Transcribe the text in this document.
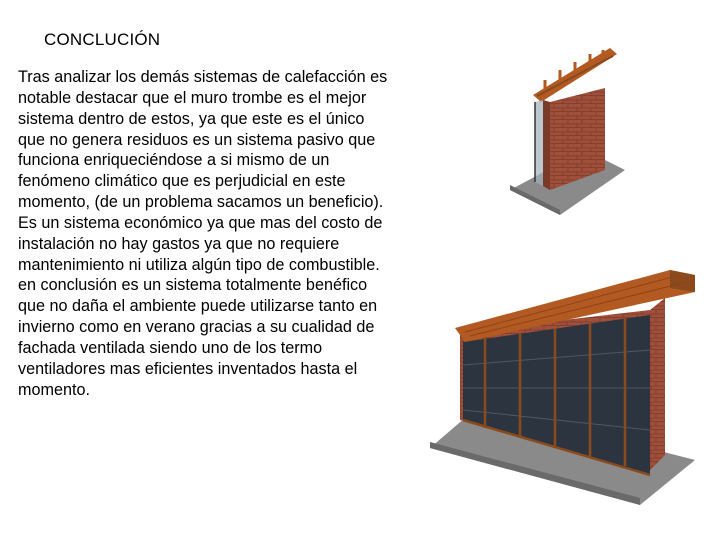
CONCLUCIÓN
Tras analizar los demás sistemas de calefacción es
notable destacar que el muro trombe es el mejor
sistema dentro de estos, ya que este es el único
que no genera residuos es un sistema pasivo que
funciona enriqueciéndose a si mismo de un
fenómeno climático que es perjudicial en este
momento, (de un problema sacamos un beneficio).
Es un sistema económico ya que mas del costo de
instalación no hay gastos ya que no requiere
mantenimiento ni utiliza algún tipo de combustible.
en conclusión es un sistema totalmente benéfico
que no daña el ambiente puede utilizarse tanto en
invierno como en verano gracias a su cualidad de
fachada ventilada siendo uno de los termo
ventiladores mas eficientes inventados hasta el
momento.
